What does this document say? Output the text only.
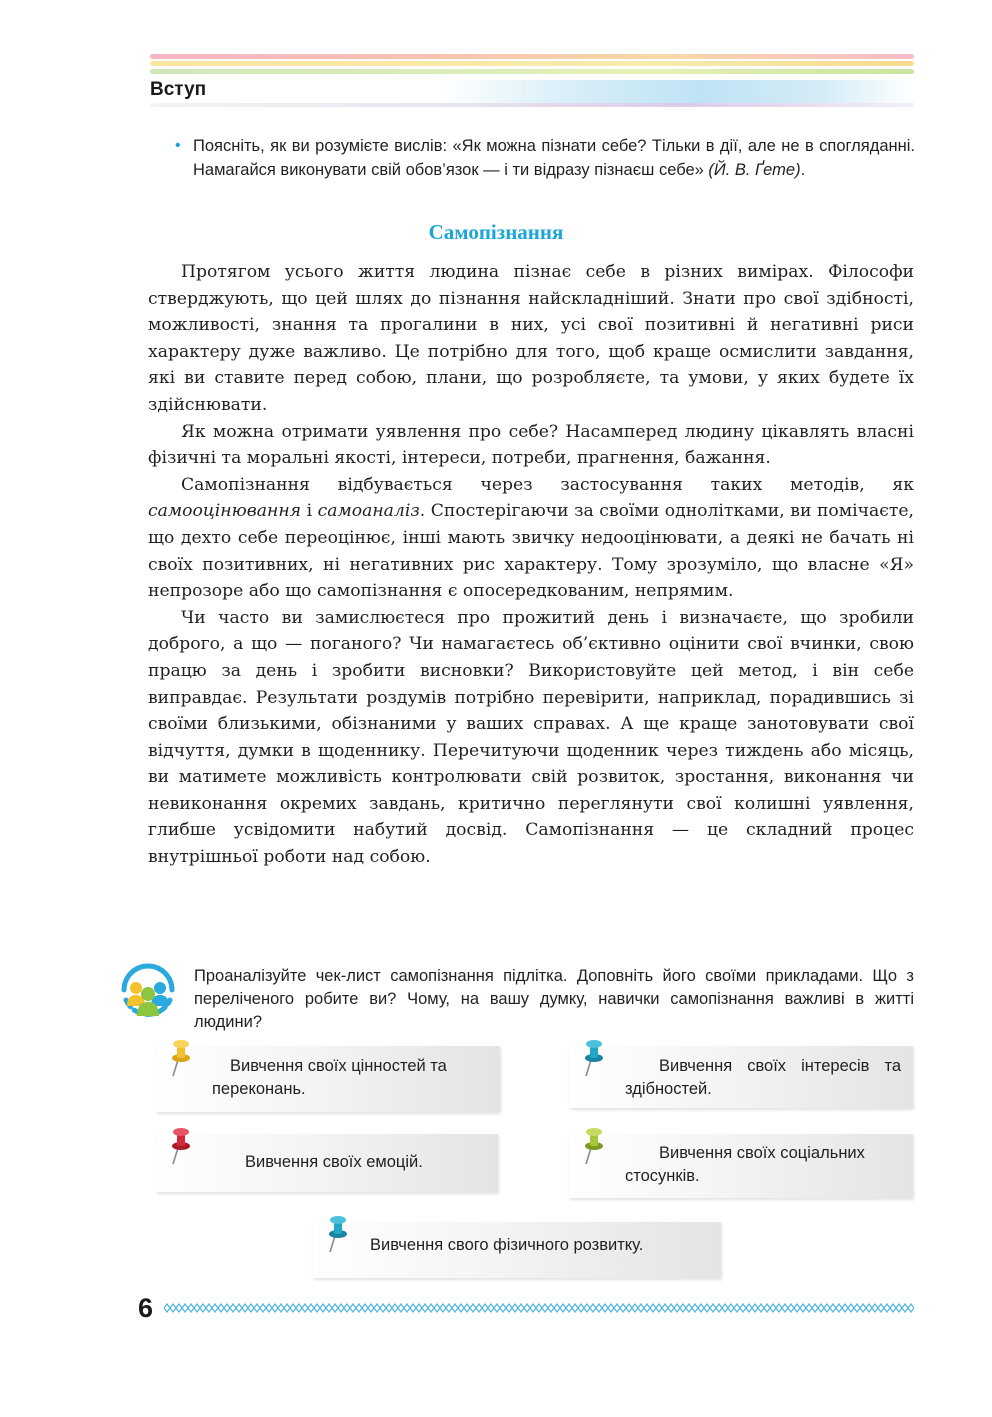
Вступ
• Поясніть, як ви розумієте вислів: «Як можна пізнати себе? Тільки в дії, але не в спогляданні. Намагайся виконувати свій обов’язок — і ти відразу пізнаєш себе» (Й. В. Ґете).
Самопізнання

Протягом усього життя людина пізнає себе в різних вимірах. Філософи стверджують, що цей шлях до пізнання найскладніший. Знати про свої здібності, можливості, знання та прогалини в них, усі свої позитивні й негативні риси характеру дуже важливо. Це потрібно для того, щоб краще осмислити завдання, які ви ставите перед собою, плани, що розробляєте, та умови, у яких будете їх здійснювати.

Як можна отримати уявлення про себе? Насамперед людину цікавлять власні фізичні та моральні якості, інтереси, потреби, прагнення, бажання.

Самопізнання відбувається через застосування таких методів, як самооцінювання і самоаналіз. Спостерігаючи за своїми однолітками, ви помічаєте, що дехто себе переоцінює, інші мають звичку недооцінювати, а деякі не бачать ні своїх позитивних, ні негативних рис характеру. Тому зрозуміло, що власне «Я» непрозоре або що самопізнання є опосередкованим, непрямим.

Чи часто ви замислюєтеся про прожитий день і визначаєте, що зробили доброго, а що — поганого? Чи намагаєтесь об’єктивно оцінити свої вчинки, свою працю за день і зробити висновки? Використовуйте цей метод, і він себе виправдає. Результати роздумів потрібно перевірити, наприклад, порадившись зі своїми близькими, обізнаними у ваших справах. А ще краще занотовувати свої відчуття, думки в щоденнику. Перечитуючи щоденник через тиждень або місяць, ви матимете можливість контролювати свій розвиток, зростання, виконання чи невиконання окремих завдань, критично переглянути свої колишні уявлення, глибше усвідомити набутий досвід. Самопізнання — це складний процес внутрішньої роботи над собою.

Проаналізуйте чек-лист самопізнання підлітка. Доповніть його своїми прикладами. Що з переліченого робите ви? Чому, на вашу думку, навички самопізнання важливі в житті людини?
Вивчення своїх цінностей та переконань.
Вивчення своїх інтересів та здібностей.
Вивчення своїх емоцій.	Вивчення своїх соціальних стосунків.
Вивчення свого фізичного розвитку.
6
